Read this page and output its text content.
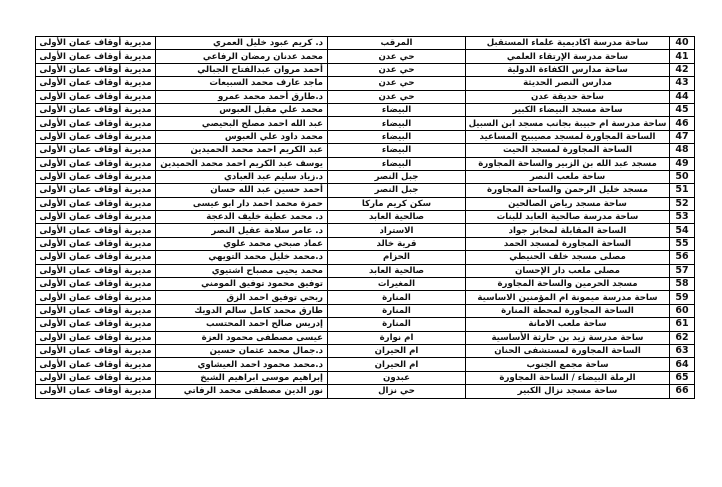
40	ساحة مدرسة اكاديمية علماء المستقبل	المرقب	د. كريم عبود خليل العمري	مديرية أوقاف عمان الأولى
41	ساحة مدرسة الإرتقاء العلمي	حي عدن	محمد عدنان رمضان الرفاعي	مديرية أوقاف عمان الأولى
42	ساحة مدارس الكفاءة الدولية	حي عدن	أحمد مروان عبدالفتاح الجبالي	مديرية أوقاف عمان الأولى
43	مدارس النصر الحديثة	حي عدن	ماجد عارف محمد السبيعات	مديرية أوقاف عمان الأولى
44	ساحة حديقة عدن	حي عدن	د.طارق أحمد محمد عمرو	مديرية أوقاف عمان الأولى
45	ساحة مسجد البيضاء الكبير	البيضاء	محمد علي مقبل العبوس	مديرية أوقاف عمان الأولى
46	ساحة مدرسة ام حبيبة بجانب مسجد ابن السبيل	البيضاء	عبد الله احمد مصلح البحيصي	مديرية أوقاف عمان الأولى
47	الساحة المجاورة لمسجد مصيبيح المساعيد	البيضاء	محمد داود علي العبوس	مديرية أوقاف عمان الأولى
48	الساحة المجاورة لمسجد الحيت	البيضاء	عبد الكريم احمد محمد الحميدين	مديرية أوقاف عمان الأولى
49	مسجد عبد الله بن الزبير والساحة المجاورة	البيضاء	يوسف عبد الكريم احمد محمد الحميدين	مديرية أوقاف عمان الأولى
50	ساحة ملعب النصر	جبل النصر	د.زياد سليم عبد العبادي	مديرية أوقاف عمان الأولى
51	مسجد خليل الرحمن والساحة المجاورة	جبل النصر	أحمد حسين عبد الله حسان	مديرية أوقاف عمان الأولى
52	ساحة مسجد رياض الصالحين	سكن كريم ماركا	حمزة محمد احمد دار ابو عيسى	مديرية أوقاف عمان الأولى
53	ساحة مدرسة صالحية العابد للبنات	صالحية العابد	د. محمد عطية خليف الدعجة	مديرية أوقاف عمان الأولى
54	الساحة المقابلة لمخابز جواد	الاستراد	د. عامر سلامة عقيل النصر	مديرية أوقاف عمان الأولى
55	الساحة المجاورة لمسجد الحمد	قرية خالد	عماد صبحي محمد علوي	مديرية أوقاف عمان الأولى
56	مصلى مسجد خلف الحنيطي	الحزام	د.محمد خليل محمد التويهي	مديرية أوقاف عمان الأولى
57	مصلى ملعب دار الإحسان	صالحية العابد	محمد يحيى مصباح اشتيوي	مديرية أوقاف عمان الأولى
58	مسجد الحرمين والساحة المجاورة	المغيرات	توفيق محمود توفيق المومني	مديرية أوقاف عمان الأولى
59	ساحة مدرسة ميمونة ام المؤمنين الاساسية	المنارة	ربحي توفيق احمد الزق	مديرية أوقاف عمان الأولى
60	الساحة المجاورة لمحطة المنارة	المنارة	طارق محمد كامل سالم الدويك	مديرية أوقاف عمان الأولى
61	ساحة ملعب الامانة	المنارة	إدريس صالح احمد المحتسب	مديرية أوقاف عمان الأولى
62	ساحة مدرسة زيد بن حارثة الأساسية	ام نوارة	عيسى مصطفى محمود العزة	مديرية أوقاف عمان الأولى
63	الساحة المجاورة لمستشفى الحنان	ام الحيران	د.جمال محمد عثمان حسين	مديرية أوقاف عمان الأولى
64	ساحة مجمع الجنوب	ام الحيران	د.محمد محمود احمد العيشاوي	مديرية أوقاف عمان الأولى
65	الرملة البيضاء / الساحة المجاورة	عبدون	إبراهيم موسى ابراهيم الشيخ	مديرية أوقاف عمان الأولى
66	ساحة مسجد نزال الكبير	حي نزال	نور الدين مصطفى محمد الرفاتي	مديرية أوقاف عمان الأولى
